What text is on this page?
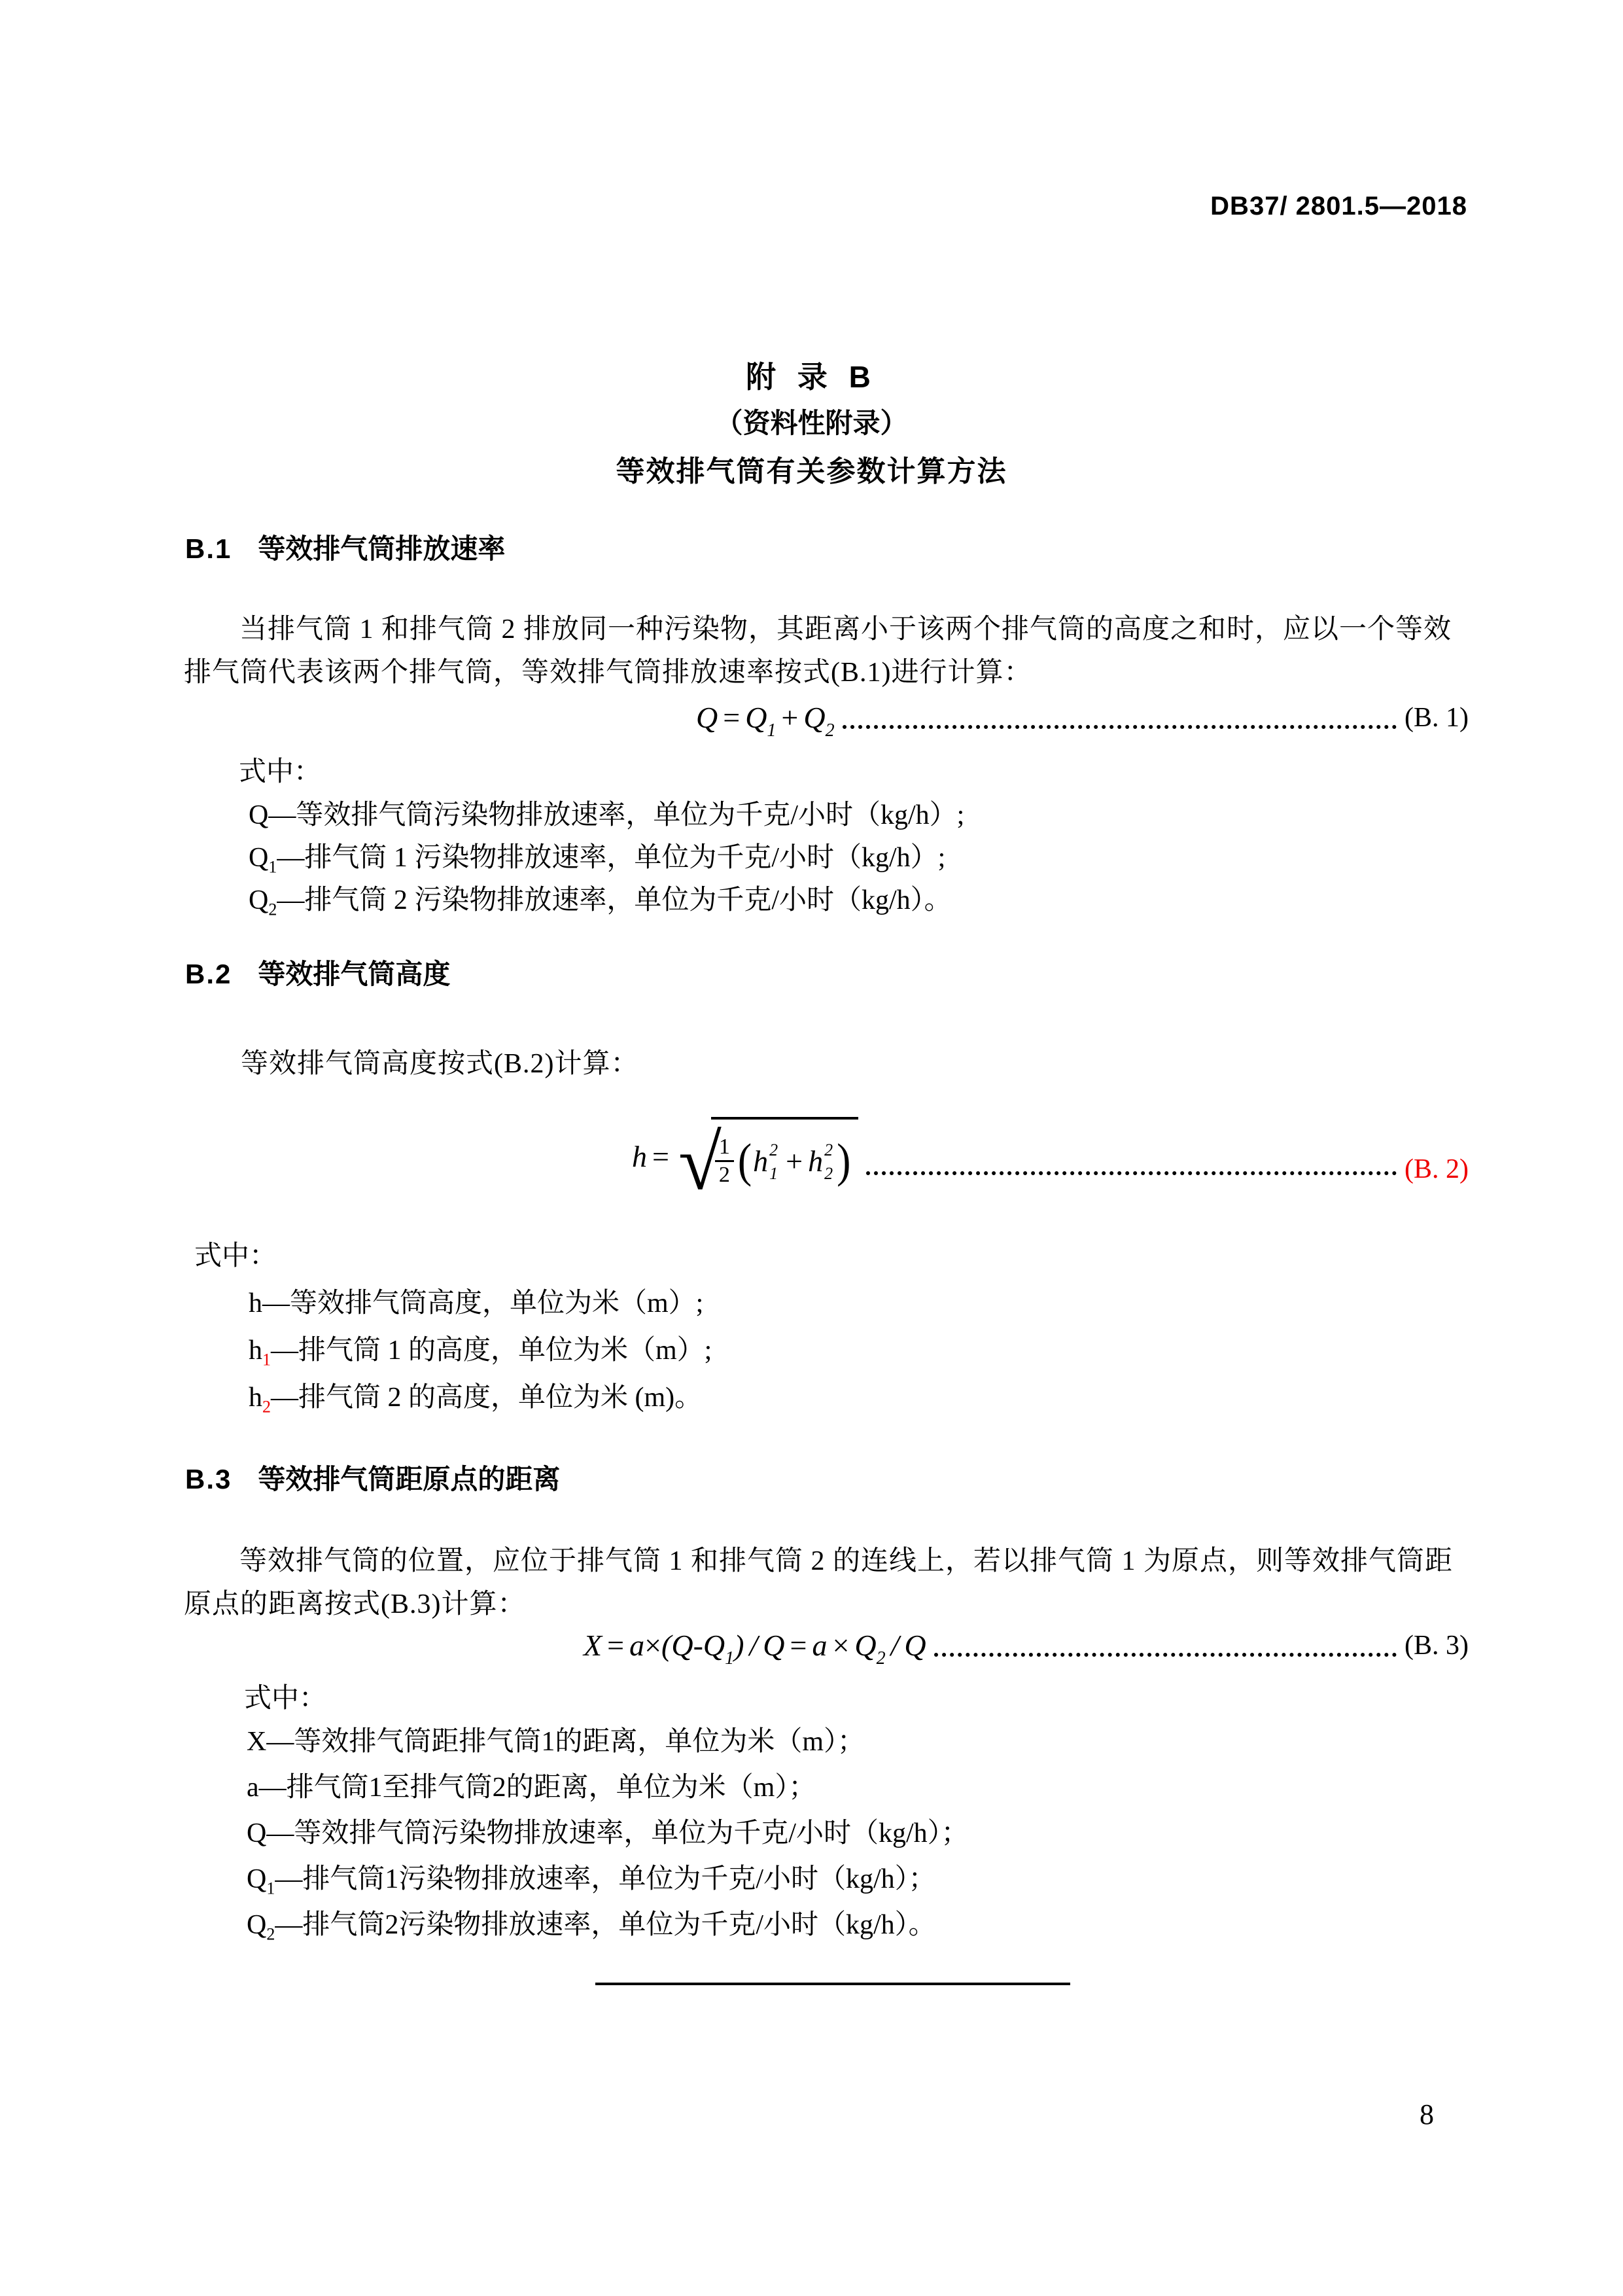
DB37/ 2801.5—2018
附 录 B
（资料性附录）
等效排气筒有关参数计算方法
B.1 等效排气筒排放速率
当排气筒 1 和排气筒 2 排放同一种污染物，其距离小于该两个排气筒的高度之和时，应以一个等效
排气筒代表该两个排气筒，等效排气筒排放速率按式(B.1)进行计算：
Q = Q 1 + Q 2	(B. 1)
式中：
Q—等效排气筒污染物排放速率，单位为千克/小时（kg/h）;
$Q_1—$排气筒 1 污染物排放速率，单位为千克/小时（kg/h）;
$Q_2—$排气筒 2 污染物排放速率，单位为千克/小时（kg/h）。
B.2 等效排气筒高度
等效排气筒高度按式(B.2)计算：
h = √
$\frac{1}{2}$ ( h 2
1 + h 2
2 )	(B. 2)
式中：
h—等效排气筒高度，单位为米（m）;
$h_1—$排气筒 1 的高度，单位为米（m）;
$h_2—$排气筒 2 的高度，单位为米 (m)。
B.3 等效排气筒距原点的距离
等效排气筒的位置，应位于排气筒 1 和排气筒 2 的连线上，若以排气筒 1 为原点，则等效排气筒距
原点的距离按式(B.3)计算：
X = a × ( Q - Q 1 ) / Q = a × Q 2 / Q	(B. 3)
式中：
X—等效排气筒距排气筒1的距离，单位为米（m）；
a—排气筒1至排气筒2的距离，单位为米（m）；
Q—等效排气筒污染物排放速率，单位为千克/小时（kg/h）；
$Q_1—$排气筒1污染物排放速率，单位为千克/小时（kg/h）；
$Q_2—$排气筒2污染物排放速率，单位为千克/小时（kg/h）。
8
